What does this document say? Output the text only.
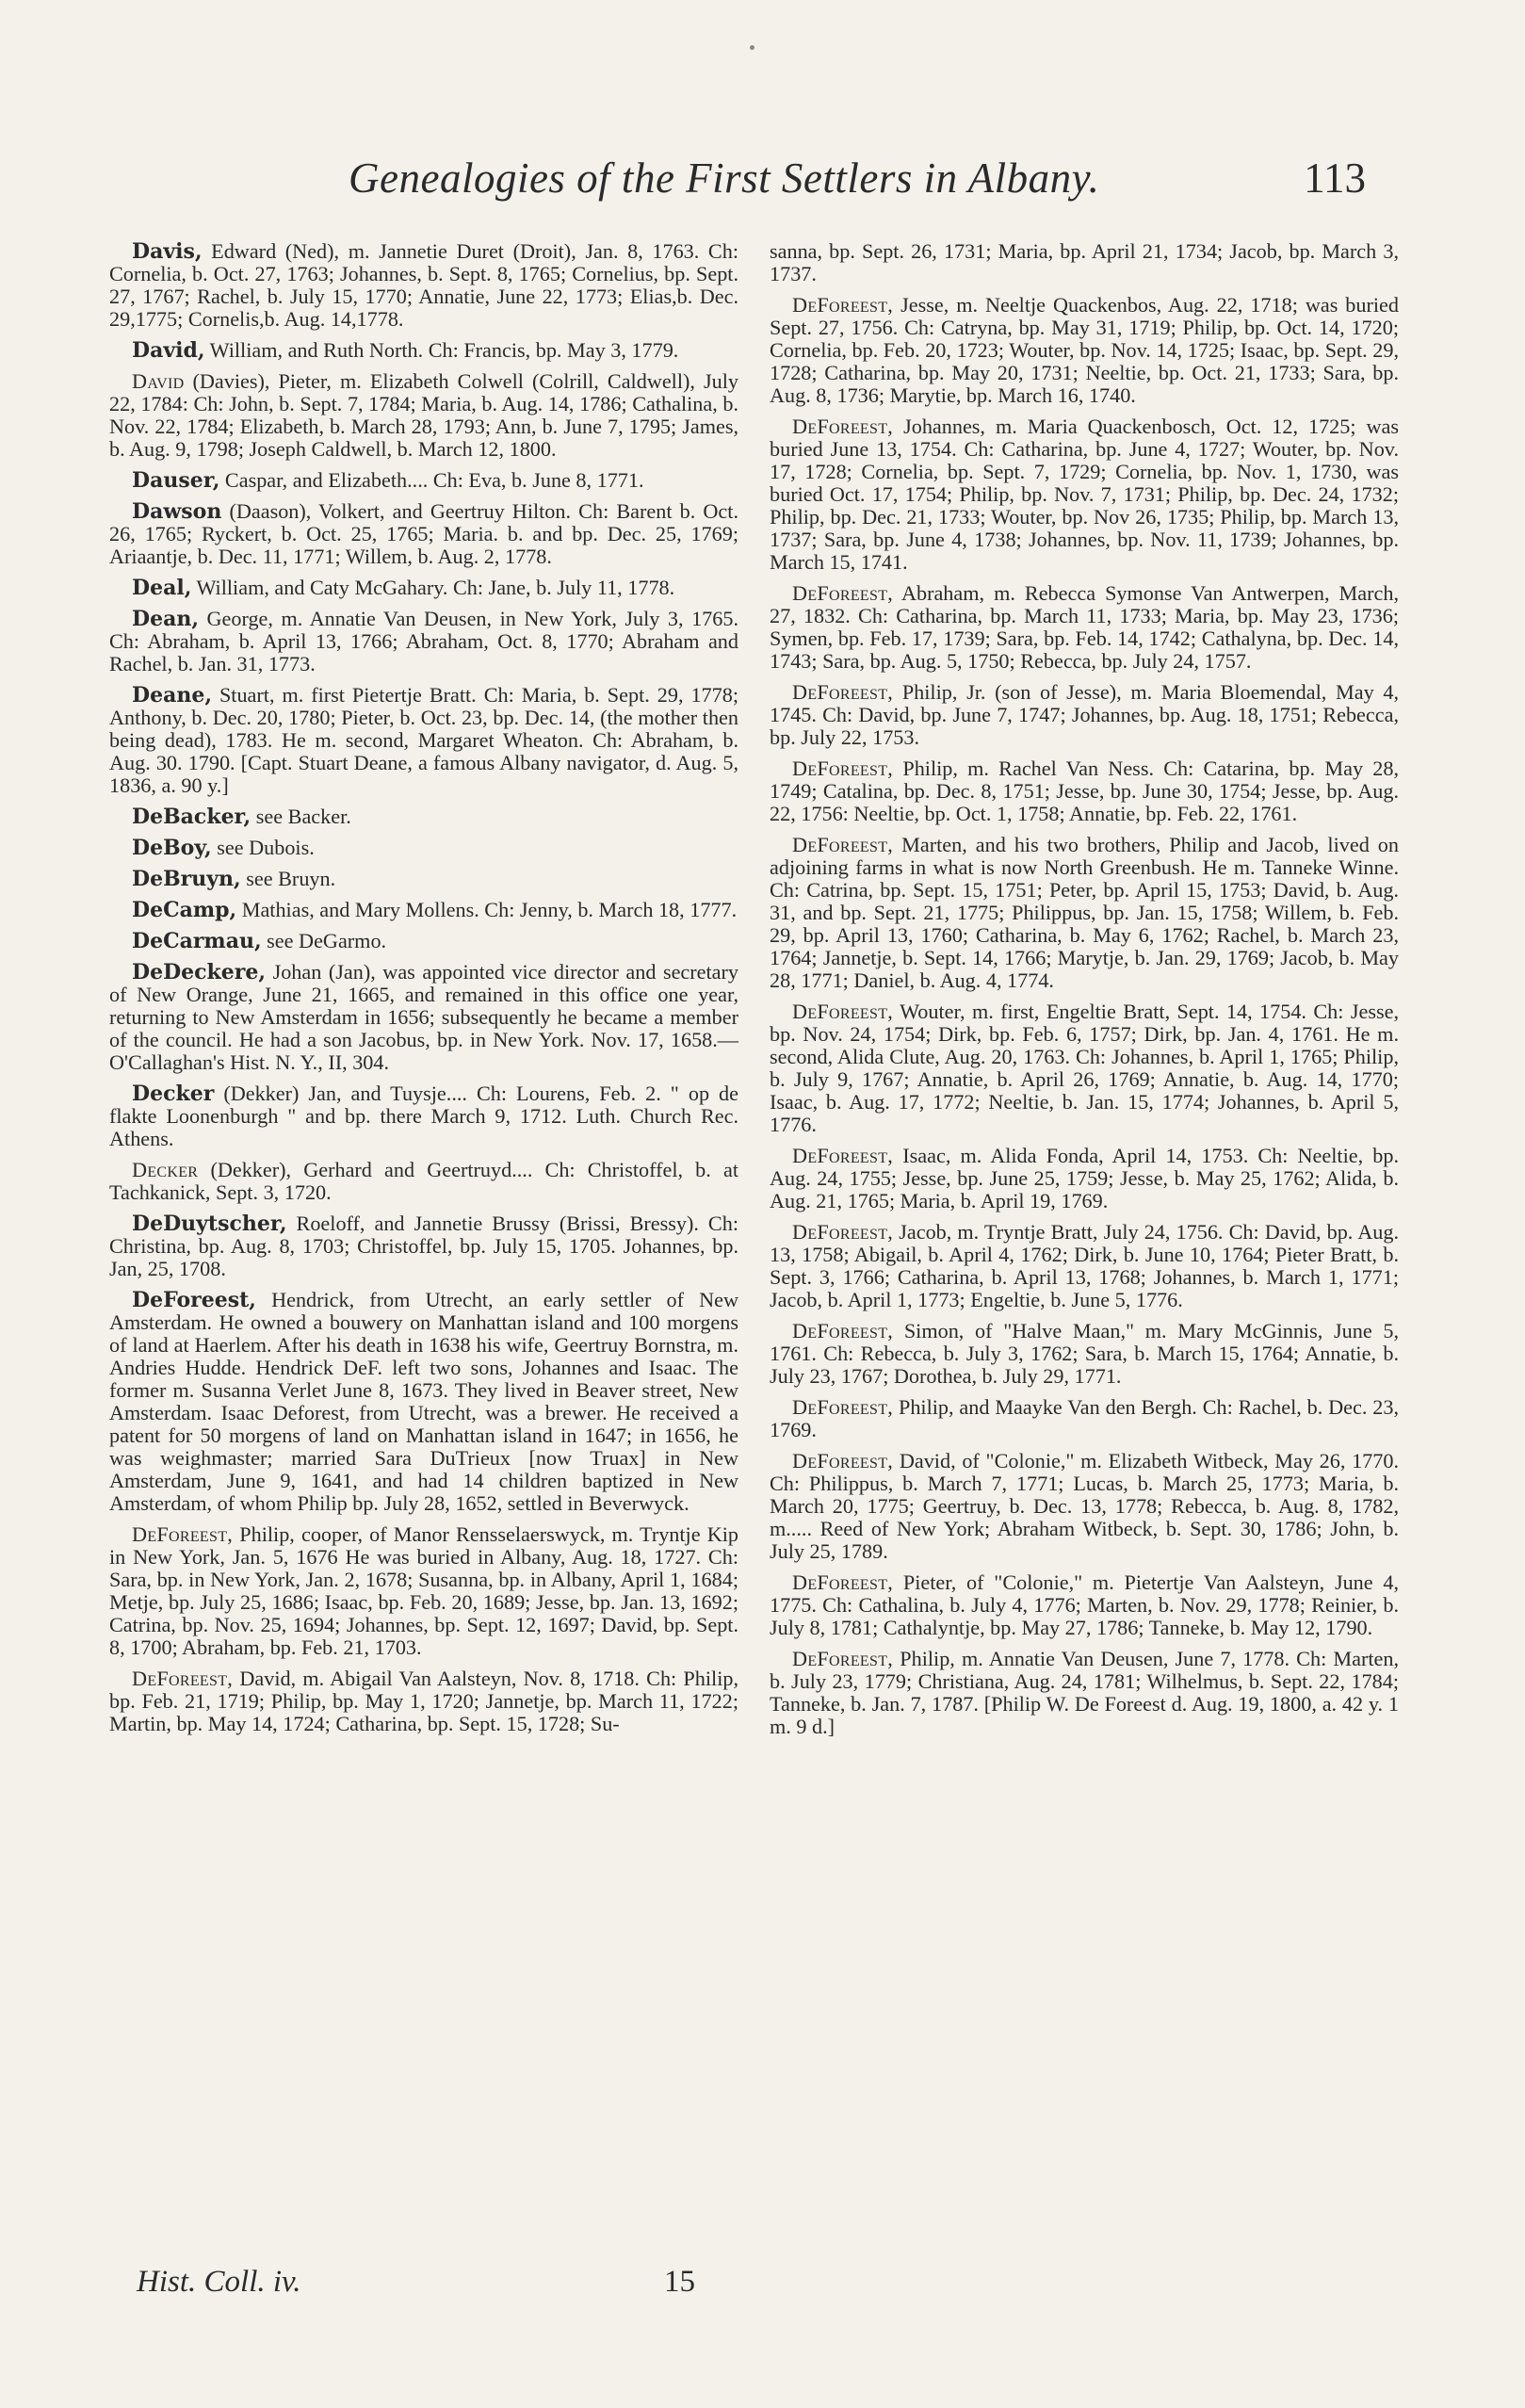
Genealogies of the First Settlers in Albany.	113

Davis, Edward (Ned), m. Jannetie Duret (Droit), Jan. 8, 1763. Ch: Cornelia, b. Oct. 27, 1763; Johannes, b. Sept. 8, 1765; Cornelius, bp. Sept. 27, 1767; Rachel, b. July 15, 1770; Annatie, June 22, 1773; Elias,b. Dec. 29,1775; Cornelis,b. Aug. 14,1778.

David, William, and Ruth North. Ch: Francis, bp. May 3, 1779.

David (Davies), Pieter, m. Elizabeth Colwell (Colrill, Caldwell), July 22, 1784: Ch: John, b. Sept. 7, 1784; Maria, b. Aug. 14, 1786; Cathalina, b. Nov. 22, 1784; Elizabeth, b. March 28, 1793; Ann, b. June 7, 1795; James, b. Aug. 9, 1798; Joseph Caldwell, b. March 12, 1800.

Dauser, Caspar, and Elizabeth.... Ch: Eva, b. June 8, 1771.

Dawson (Daason), Volkert, and Geertruy Hilton. Ch: Barent b. Oct. 26, 1765; Ryckert, b. Oct. 25, 1765; Maria. b. and bp. Dec. 25, 1769; Ariaantje, b. Dec. 11, 1771; Willem, b. Aug. 2, 1778.

Deal, William, and Caty McGahary. Ch: Jane, b. July 11, 1778.

Dean, George, m. Annatie Van Deusen, in New York, July 3, 1765. Ch: Abraham, b. April 13, 1766; Abraham, Oct. 8, 1770; Abraham and Rachel, b. Jan. 31, 1773.

Deane, Stuart, m. first Pietertje Bratt. Ch: Maria, b. Sept. 29, 1778; Anthony, b. Dec. 20, 1780; Pieter, b. Oct. 23, bp. Dec. 14, (the mother then being dead), 1783. He m. second, Margaret Wheaton. Ch: Abraham, b. Aug. 30. 1790. [Capt. Stuart Deane, a famous Albany navigator, d. Aug. 5, 1836, a. 90 y.]

DeBacker, see Backer.

DeBoy, see Dubois.

DeBruyn, see Bruyn.

DeCamp, Mathias, and Mary Mollens. Ch: Jenny, b. March 18, 1777.

DeCarmau, see DeGarmo.

DeDeckere, Johan (Jan), was appointed vice director and secretary of New Orange, June 21, 1665, and remained in this office one year, returning to New Amsterdam in 1656; subsequently he became a member of the council. He had a son Jacobus, bp. in New York. Nov. 17, 1658.— O'Callaghan's Hist. N. Y., II, 304.

Decker (Dekker) Jan, and Tuysje.... Ch: Lourens, Feb. 2. " op de flakte Loonenburgh " and bp. there March 9, 1712. Luth. Church Rec. Athens.

Decker (Dekker), Gerhard and Geertruyd.... Ch: Christoffel, b. at Tachkanick, Sept. 3, 1720.

DeDuytscher, Roeloff, and Jannetie Brussy (Brissi, Bressy). Ch: Christina, bp. Aug. 8, 1703; Christoffel, bp. July 15, 1705. Johannes, bp. Jan, 25, 1708.

DeForeest, Hendrick, from Utrecht, an early settler of New Amsterdam. He owned a bouwery on Manhattan island and 100 morgens of land at Haerlem. After his death in 1638 his wife, Geertruy Bornstra, m. Andries Hudde. Hendrick DeF. left two sons, Johannes and Isaac. The former m. Susanna Verlet June 8, 1673. They lived in Beaver street, New Amsterdam. Isaac Deforest, from Utrecht, was a brewer. He received a patent for 50 morgens of land on Manhattan island in 1647; in 1656, he was weighmaster; married Sara DuTrieux [now Truax] in New Amsterdam, June 9, 1641, and had 14 children baptized in New Amsterdam, of whom Philip bp. July 28, 1652, settled in Beverwyck.

DeForeest, Philip, cooper, of Manor Rensselaerswyck, m. Tryntje Kip in New York, Jan. 5, 1676 He was buried in Albany, Aug. 18, 1727. Ch: Sara, bp. in New York, Jan. 2, 1678; Susanna, bp. in Albany, April 1, 1684; Metje, bp. July 25, 1686; Isaac, bp. Feb. 20, 1689; Jesse, bp. Jan. 13, 1692; Catrina, bp. Nov. 25, 1694; Johannes, bp. Sept. 12, 1697; David, bp. Sept. 8, 1700; Abraham, bp. Feb. 21, 1703.

DeForeest, David, m. Abigail Van Aalsteyn, Nov. 8, 1718. Ch: Philip, bp. Feb. 21, 1719; Philip, bp. May 1, 1720; Jannetje, bp. March 11, 1722; Martin, bp. May 14, 1724; Catharina, bp. Sept. 15, 1728; Su-

sanna, bp. Sept. 26, 1731; Maria, bp. April 21, 1734; Jacob, bp. March 3, 1737.

DeForeest, Jesse, m. Neeltje Quackenbos, Aug. 22, 1718; was buried Sept. 27, 1756. Ch: Catryna, bp. May 31, 1719; Philip, bp. Oct. 14, 1720; Cornelia, bp. Feb. 20, 1723; Wouter, bp. Nov. 14, 1725; Isaac, bp. Sept. 29, 1728; Catharina, bp. May 20, 1731; Neeltie, bp. Oct. 21, 1733; Sara, bp. Aug. 8, 1736; Marytie, bp. March 16, 1740.

DeForeest, Johannes, m. Maria Quackenbosch, Oct. 12, 1725; was buried June 13, 1754. Ch: Catharina, bp. June 4, 1727; Wouter, bp. Nov. 17, 1728; Cornelia, bp. Sept. 7, 1729; Cornelia, bp. Nov. 1, 1730, was buried Oct. 17, 1754; Philip, bp. Nov. 7, 1731; Philip, bp. Dec. 24, 1732; Philip, bp. Dec. 21, 1733; Wouter, bp. Nov 26, 1735; Philip, bp. March 13, 1737; Sara, bp. June 4, 1738; Johannes, bp. Nov. 11, 1739; Johannes, bp. March 15, 1741.

DeForeest, Abraham, m. Rebecca Symonse Van Antwerpen, March, 27, 1832. Ch: Catharina, bp. March 11, 1733; Maria, bp. May 23, 1736; Symen, bp. Feb. 17, 1739; Sara, bp. Feb. 14, 1742; Cathalyna, bp. Dec. 14, 1743; Sara, bp. Aug. 5, 1750; Rebecca, bp. July 24, 1757.

DeForeest, Philip, Jr. (son of Jesse), m. Maria Bloemendal, May 4, 1745. Ch: David, bp. June 7, 1747; Johannes, bp. Aug. 18, 1751; Rebecca, bp. July 22, 1753.

DeForeest, Philip, m. Rachel Van Ness. Ch: Catarina, bp. May 28, 1749; Catalina, bp. Dec. 8, 1751; Jesse, bp. June 30, 1754; Jesse, bp. Aug. 22, 1756: Neeltie, bp. Oct. 1, 1758; Annatie, bp. Feb. 22, 1761.

DeForeest, Marten, and his two brothers, Philip and Jacob, lived on adjoining farms in what is now North Greenbush. He m. Tanneke Winne. Ch: Catrina, bp. Sept. 15, 1751; Peter, bp. April 15, 1753; David, b. Aug. 31, and bp. Sept. 21, 1775; Philippus, bp. Jan. 15, 1758; Willem, b. Feb. 29, bp. April 13, 1760; Catharina, b. May 6, 1762; Rachel, b. March 23, 1764; Jannetje, b. Sept. 14, 1766; Marytje, b. Jan. 29, 1769; Jacob, b. May 28, 1771; Daniel, b. Aug. 4, 1774.

DeForeest, Wouter, m. first, Engeltie Bratt, Sept. 14, 1754. Ch: Jesse, bp. Nov. 24, 1754; Dirk, bp. Feb. 6, 1757; Dirk, bp. Jan. 4, 1761. He m. second, Alida Clute, Aug. 20, 1763. Ch: Johannes, b. April 1, 1765; Philip, b. July 9, 1767; Annatie, b. April 26, 1769; Annatie, b. Aug. 14, 1770; Isaac, b. Aug. 17, 1772; Neeltie, b. Jan. 15, 1774; Johannes, b. April 5, 1776.

DeForeest, Isaac, m. Alida Fonda, April 14, 1753. Ch: Neeltie, bp. Aug. 24, 1755; Jesse, bp. June 25, 1759; Jesse, b. May 25, 1762; Alida, b. Aug. 21, 1765; Maria, b. April 19, 1769.

DeForeest, Jacob, m. Tryntje Bratt, July 24, 1756. Ch: David, bp. Aug. 13, 1758; Abigail, b. April 4, 1762; Dirk, b. June 10, 1764; Pieter Bratt, b. Sept. 3, 1766; Catharina, b. April 13, 1768; Johannes, b. March 1, 1771; Jacob, b. April 1, 1773; Engeltie, b. June 5, 1776.

DeForeest, Simon, of "Halve Maan," m. Mary McGinnis, June 5, 1761. Ch: Rebecca, b. July 3, 1762; Sara, b. March 15, 1764; Annatie, b. July 23, 1767; Dorothea, b. July 29, 1771.

DeForeest, Philip, and Maayke Van den Bergh. Ch: Rachel, b. Dec. 23, 1769.

DeForeest, David, of "Colonie," m. Elizabeth Witbeck, May 26, 1770. Ch: Philippus, b. March 7, 1771; Lucas, b. March 25, 1773; Maria, b. March 20, 1775; Geertruy, b. Dec. 13, 1778; Rebecca, b. Aug. 8, 1782, m..... Reed of New York; Abraham Witbeck, b. Sept. 30, 1786; John, b. July 25, 1789.

DeForeest, Pieter, of "Colonie," m. Pietertje Van Aalsteyn, June 4, 1775. Ch: Cathalina, b. July 4, 1776; Marten, b. Nov. 29, 1778; Reinier, b. July 8, 1781; Cathalyntje, bp. May 27, 1786; Tanneke, b. May 12, 1790.

DeForeest, Philip, m. Annatie Van Deusen, June 7, 1778. Ch: Marten, b. July 23, 1779; Christiana, Aug. 24, 1781; Wilhelmus, b. Sept. 22, 1784; Tanneke, b. Jan. 7, 1787. [Philip W. De Foreest d. Aug. 19, 1800, a. 42 y. 1 m. 9 d.]

Hist. Coll. iv.	15
